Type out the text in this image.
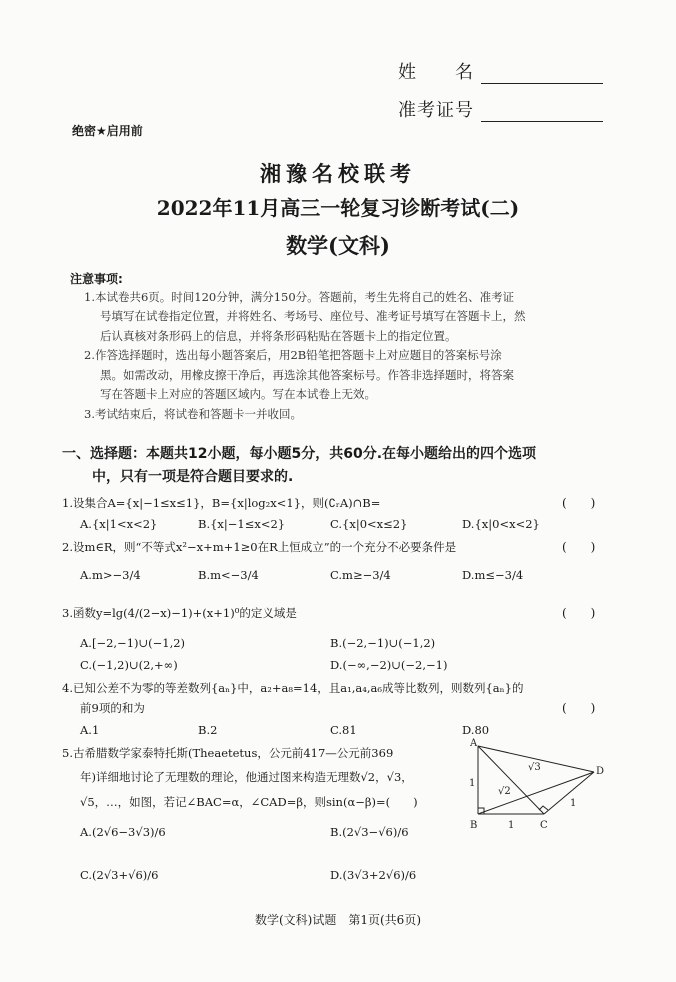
姓　　名
准考证号
绝密★启用前
湘豫名校联考
2022年11月高三一轮复习诊断考试(二)
数学(文科)
注意事项:
1.本试卷共6页。时间120分钟，满分150分。答题前，考生先将自己的姓名、准考证
号填写在试卷指定位置，并将姓名、考场号、座位号、准考证号填写在答题卡上，然
后认真核对条形码上的信息，并将条形码粘贴在答题卡上的指定位置。
2.作答选择题时，选出每小题答案后，用2B铅笔把答题卡上对应题目的答案标号涂
黑。如需改动，用橡皮擦干净后，再选涂其他答案标号。作答非选择题时，将答案
写在答题卡上对应的答题区域内。写在本试卷上无效。
3.考试结束后，将试卷和答题卡一并收回。
一、选择题：本题共12小题，每小题5分，共60分.在每小题给出的四个选项
中，只有一项是符合题目要求的.
1.设集合A={x|−1≤x≤1}，B={x|log₂x<1}，则(∁ᵣA)∩B=	(　　)
A.{x|1<x<2}	B.{x|−1≤x<2}	C.{x|0<x≤2}	D.{x|0<x<2}
2.设m∈R，则“不等式x²−x+m+1≥0在R上恒成立”的一个充分不必要条件是	(　　)
A.m>−3/4	B.m<−3/4	C.m≥−3/4	D.m≤−3/4
3.函数y=lg(4/(2−x)−1)+(x+1)⁰的定义域是	(　　)
A.[−2,−1)∪(−1,2)	B.(−2,−1)∪(−1,2)
C.(−1,2)∪(2,+∞)	D.(−∞,−2)∪(−2,−1)
4.已知公差不为零的等差数列{aₙ}中，a₂+a₈=14，且a₁,a₄,a₆成等比数列，则数列{aₙ}的
前9项的和为	(　　)
A.1	B.2	C.81	D.80
5.古希腊数学家泰特托斯(Theaetetus，公元前417—公元前369
年)详细地讨论了无理数的理论，他通过图来构造无理数√2，√3，
√5，…，如图，若记∠BAC=α，∠CAD=β，则sin(α−β)=(　　)
A.(2√6−3√3)/6	B.(2√3−√6)/6
C.(2√3+√6)/6	D.(3√3+2√6)/6
A
B	C
D
1
1
1
√2
√3
数学(文科)试题　第1页(共6页)
